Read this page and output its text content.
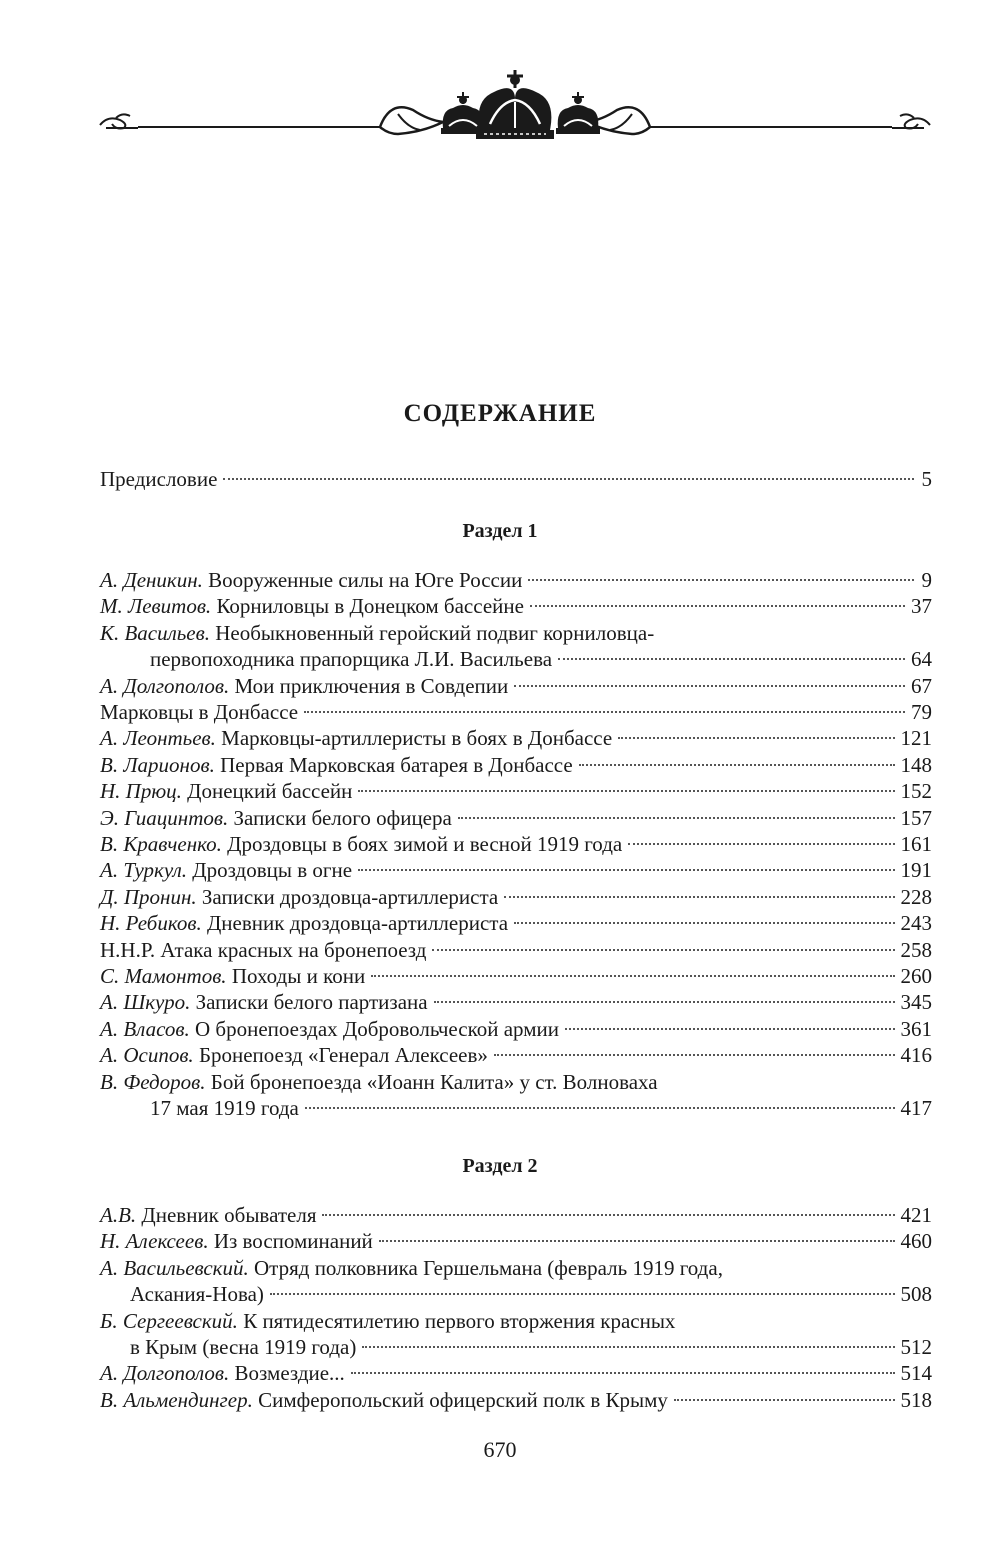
СОДЕРЖАНИЕ
Предисловие	5
Раздел 1
А. Деникин. Вооруженные силы на Юге России	9
М. Левитов. Корниловцы в Донецком бассейне	37
К. Васильев. Необыкновенный геройский подвиг корниловца-
первопоходника прапорщика Л.И. Васильева	64
А. Долгополов. Мои приключения в Совдепии	67
Марковцы в Донбассе	79
А. Леонтьев. Марковцы-артиллеристы в боях в Донбассе	121
В. Ларионов. Первая Марковская батарея в Донбассе	148
Н. Прюц. Донецкий бассейн	152
Э. Гиацинтов. Записки белого офицера	157
В. Кравченко. Дроздовцы в боях зимой и весной 1919 года	161
А. Туркул. Дроздовцы в огне	191
Д. Пронин. Записки дроздовца-артиллериста	228
Н. Ребиков. Дневник дроздовца-артиллериста	243
Н.Н.Р. Атака красных на бронепоезд	258
С. Мамонтов. Походы и кони	260
А. Шкуро. Записки белого партизана	345
А. Власов. О бронепоездах Добровольческой армии	361
А. Осипов. Бронепоезд «Генерал Алексеев»	416
В. Федоров. Бой бронепоезда «Иоанн Калита» у ст. Волноваха
17 мая 1919 года	417
Раздел 2
А.В. Дневник обывателя	421
Н. Алексеев. Из воспоминаний	460
А. Васильевский. Отряд полковника Гершельмана (февраль 1919 года,
Аскания-Нова)	508
Б. Сергеевский. К пятидесятилетию первого вторжения красных
в Крым (весна 1919 года)	512
А. Долгополов. Возмездие...	514
В. Альмендингер. Симферопольский офицерский полк в Крыму	518
670
